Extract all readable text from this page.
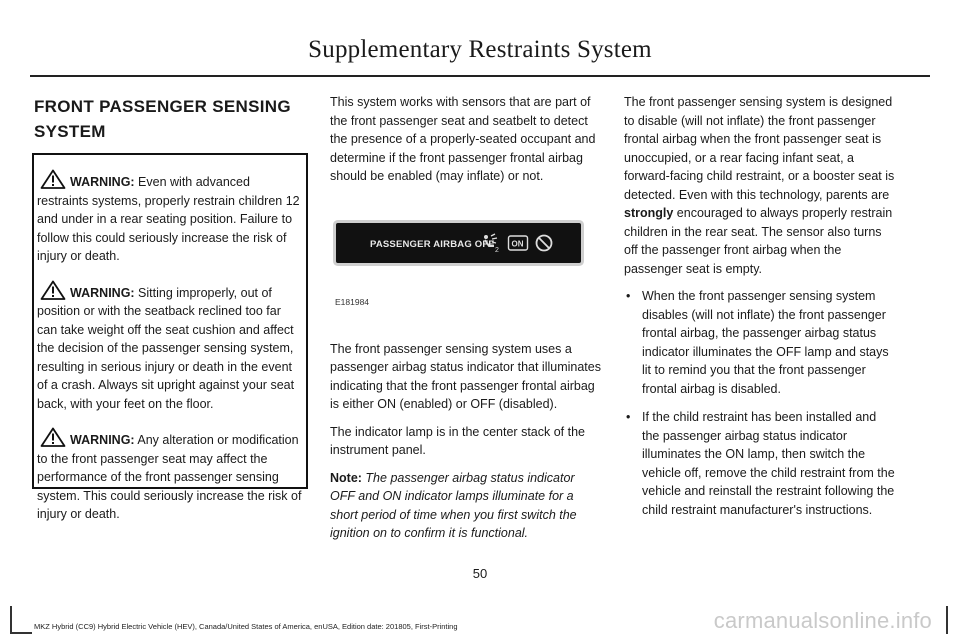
Supplementary Restraints System
FRONT PASSENGER SENSING SYSTEM

WARNING: Even with advanced restraints systems, properly restrain children 12 and under in a rear seating position. Failure to follow this could seriously increase the risk of injury or death.

WARNING: Sitting improperly, out of position or with the seatback reclined too far can take weight off the seat cushion and affect the decision of the passenger sensing system, resulting in serious injury or death in the event of a crash. Always sit upright against your seat back, with your feet on the floor.

WARNING: Any alteration or modification to the front passenger seat may affect the performance of the front passenger sensing system. This could seriously increase the risk of injury or death.

This system works with sensors that are part of the front passenger seat and seatbelt to detect the presence of a properly-seated occupant and determine if the front passenger frontal airbag should be enabled (may inflate) or not.

PASSENGER AIRBAG OFF
2
ON
E181984

The front passenger sensing system uses a passenger airbag status indicator that illuminates indicating that the front passenger frontal airbag is either ON (enabled) or OFF (disabled).

The indicator lamp is in the center stack of the instrument panel.

Note: The passenger airbag status indicator OFF and ON indicator lamps illuminate for a short period of time when you first switch the ignition on to confirm it is functional.

The front passenger sensing system is designed to disable (will not inflate) the front passenger frontal airbag when the front passenger seat is unoccupied, or a rear facing infant seat, a forward-facing child restraint, or a booster seat is detected. Even with this technology, parents are strongly encouraged to always properly restrain children in the rear seat. The sensor also turns off the passenger front airbag when the passenger seat is empty.

• When the front passenger sensing system disables (will not inflate) the front passenger frontal airbag, the passenger airbag status indicator illuminates the OFF lamp and stays lit to remind you that the front passenger frontal airbag is disabled.
• If the child restraint has been installed and the passenger airbag status indicator illuminates the ON lamp, then switch the vehicle off, remove the child restraint from the vehicle and reinstall the restraint following the child restraint manufacturer's instructions.
50
MKZ Hybrid (CC9) Hybrid Electric Vehicle (HEV), Canada/United States of America, enUSA, Edition date: 201805, First-Printing	carmanualsonline.info
